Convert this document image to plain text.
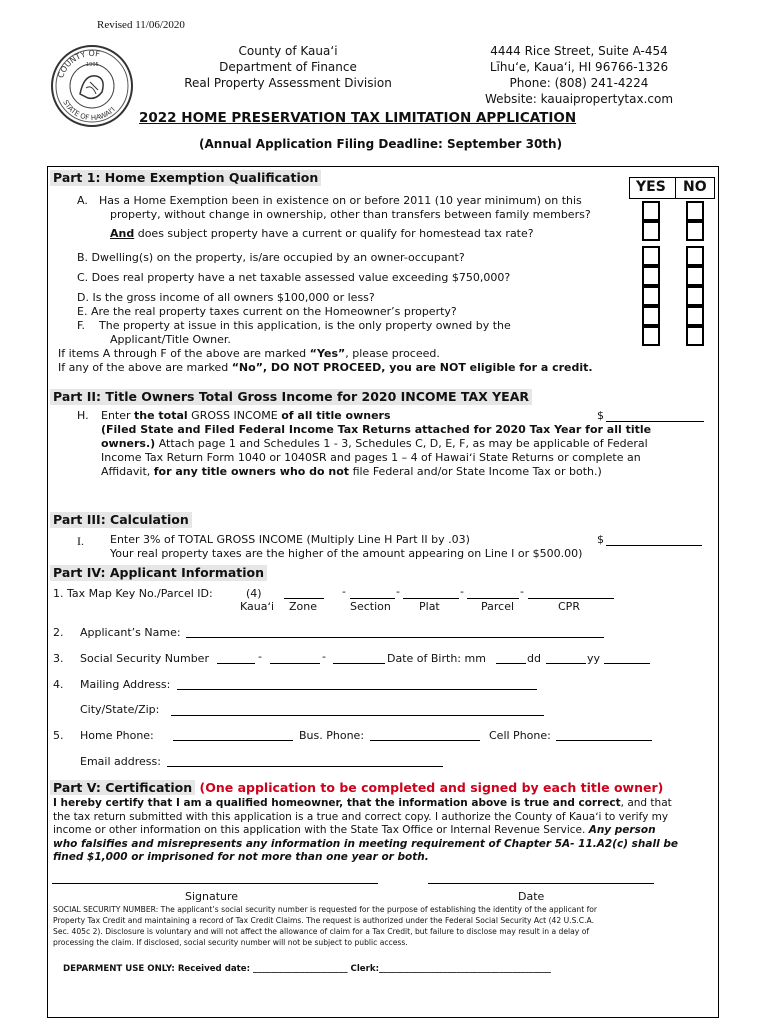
Revised 11/06/2020
COUNTY OF
STATE OF HAWAI'I
1905
County of Kauaʻi
Department of Finance
Real Property Assessment Division
4444 Rice Street, Suite A-454
Līhuʻe, Kauaʻi, HI 96766-1326
Phone: (808) 241-4224
Website: kauaipropertytax.com
2022 HOME PRESERVATION TAX LIMITATION APPLICATION
(Annual Application Filing Deadline: September 30th)
Part 1: Home Exemption Qualification
YES NO
A. Has a Home Exemption been in existence on or before 2011 (10 year minimum) on this
property, without change in ownership, other than transfers between family members?
And does subject property have a current or qualify for homestead tax rate?
B. Dwelling(s) on the property, is/are occupied by an owner-occupant?
C. Does real property have a net taxable assessed value exceeding $750,000?
D. Is the gross income of all owners $100,000 or less?
E. Are the real property taxes current on the Homeowner’s property?
F. The property at issue in this application, is the only property owned by the
Applicant/Title Owner.
If items A through F of the above are marked “Yes”, please proceed.
If any of the above are marked “No”, DO NOT PROCEED, you are NOT eligible for a credit.
Part II: Title Owners Total Gross Income for 2020 INCOME TAX YEAR
H. Enter the total GROSS INCOME of all title owners	$
(Filed State and Filed Federal Income Tax Returns attached for 2020 Tax Year for all title
owners.) Attach page 1 and Schedules 1 - 3, Schedules C, D, E, F, as may be applicable of Federal
Income Tax Return Form 1040 or 1040SR and pages 1 – 4 of Hawaiʻi State Returns or complete an
Affidavit, for any title owners who do not file Federal and/or State Income Tax or both.)
Part III: Calculation
I. Enter 3% of TOTAL GROSS INCOME (Multiply Line H Part II by .03)	$
Your real property taxes are the higher of the amount appearing on Line I or $500.00)
Part IV: Applicant Information
1. Tax Map Key No./Parcel ID:	(4)	-	-	-	-
Kauaʻi Zone	Section	Plat	Parcel	CPR
2. Applicant’s Name:
3. Social Security Number	-	-	Date of Birth: mm	dd	yy
4. Mailing Address:
City/State/Zip:
5. Home Phone:	Bus. Phone:	Cell Phone:
Email address:
Part V: Certification (One application to be completed and signed by each title owner)
I hereby certify that I am a qualified homeowner, that the information above is true and correct, and that
the tax return submitted with this application is a true and correct copy. I authorize the County of Kauaʻi to verify my
income or other information on this application with the State Tax Office or Internal Revenue Service. Any person
who falsifies and misrepresents any information in meeting requirement of Chapter 5A- 11.A2(c) shall be
fined $1,000 or imprisoned for not more than one year or both.
Signature	Date
SOCIAL SECURITY NUMBER: The applicant’s social security number is requested for the purpose of establishing the identity of the applicant for
Property Tax Credit and maintaining a record of Tax Credit Claims. The request is authorized under the Federal Social Security Act (42 U.S.C.A.
Sec. 405c 2). Disclosure is voluntary and will not affect the allowance of claim for a Tax Credit, but failure to disclose may result in a delay of
processing the claim. If disclosed, social security number will not be subject to public access.
DEPARMENT USE ONLY: Received date: ______________________ Clerk:________________________________________
